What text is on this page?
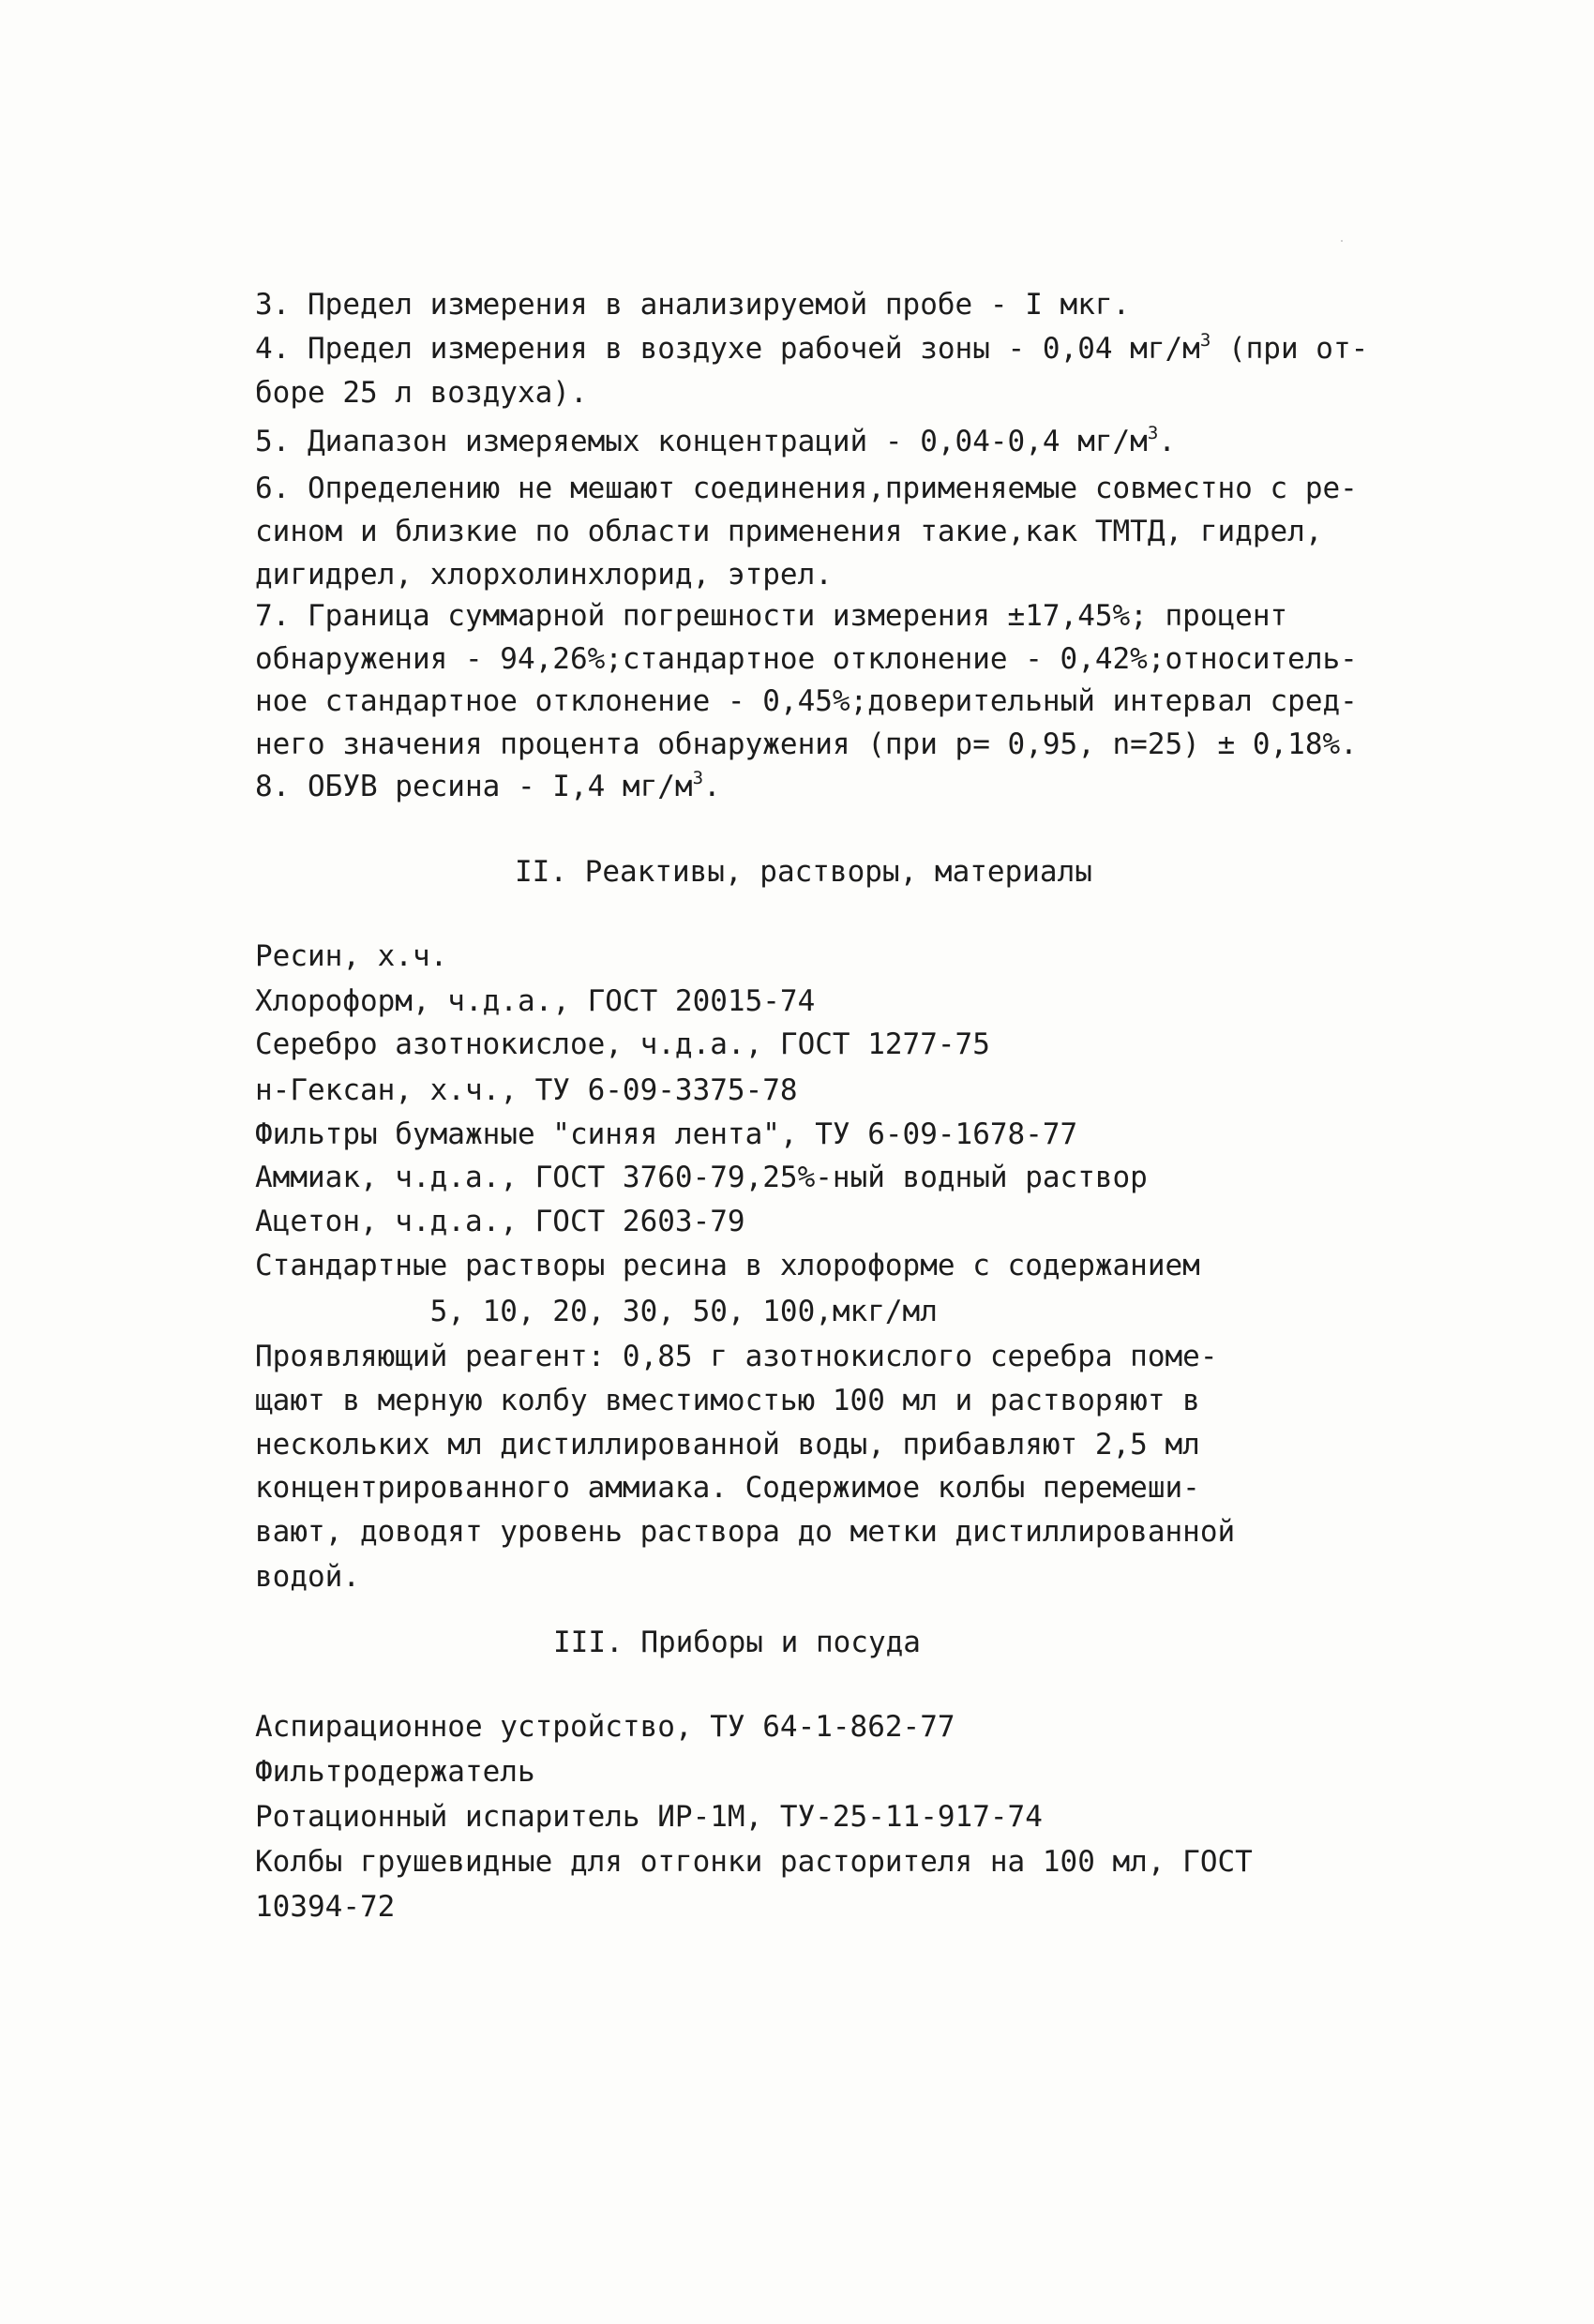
3. Предел измерения в анализируемой пробе - I мкг.
4. Предел измерения в воздухе рабочей зоны - 0,04 $мг/м^3$ (при от-
боре 25 л воздуха).
5. Диапазон измеряемых концентраций - 0,04-0,4 $мг/м^3$.
6. Определению не мешают соединения,применяемые совместно с ре-
сином и близкие по области применения такие,как ТМТД, гидрел,
дигидрел, хлорхолинхлорид, этрел.
7. Граница суммарной погрешности измерения ±17,45%; процент
обнаружения - 94,26%;стандартное отклонение - 0,42%;относитель-
ное стандартное отклонение - 0,45%;доверительный интервал сред-
него значения процента обнаружения (при р= 0,95, n=25) ± 0,18%.
8. ОБУВ ресина - I,4 $мг/м^3$.
II. Реактивы, растворы, материалы
Ресин, х.ч.
Хлороформ, ч.д.а., ГОСТ 20015-74
Серебро азотнокислое, ч.д.а., ГОСТ 1277-75
н-Гексан, х.ч., ТУ 6-09-3375-78
Фильтры бумажные "синяя лента", ТУ 6-09-1678-77
Аммиак, ч.д.а., ГОСТ 3760-79,25%-ный водный раствор
Ацетон, ч.д.а., ГОСТ 2603-79
Стандартные растворы ресина в хлороформе с содержанием
5, 10, 20, 30, 50, 100,мкг/мл
Проявляющий реагент: 0,85 г азотнокислого серебра поме-
щают в мерную колбу вместимостью 100 мл и растворяют в
нескольких мл дистиллированной воды, прибавляют 2,5 мл
концентрированного аммиака. Содержимое колбы перемеши-
вают, доводят уровень раствора до метки дистиллированной
водой.
III. Приборы и посуда
Аспирационное устройство, ТУ 64-1-862-77
Фильтродержатель
Ротационный испаритель ИР-1М, ТУ-25-11-917-74
Колбы грушевидные для отгонки расторителя на 100 мл, ГОСТ
10394-72
